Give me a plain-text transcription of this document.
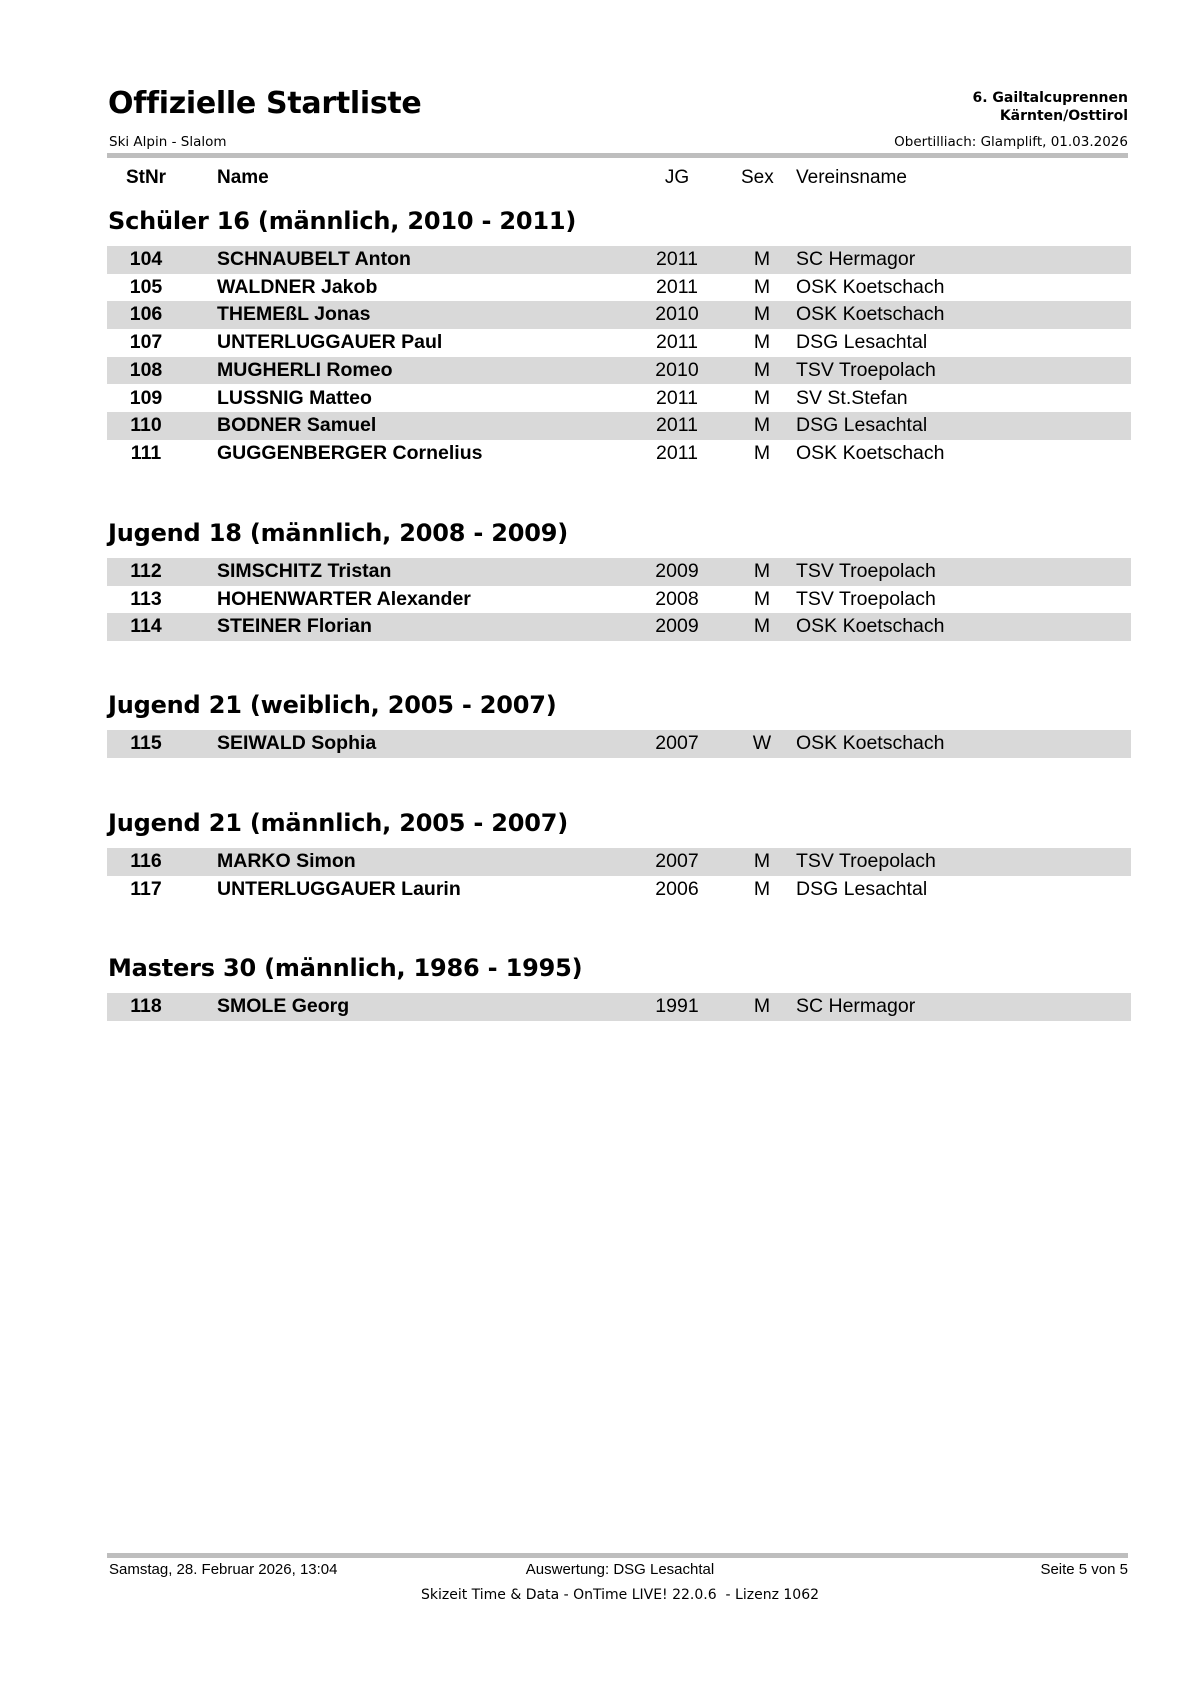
Offizielle Startliste
Ski Alpin - Slalom
6. Gailtalcuprennen
Kärnten/Osttirol
Obertilliach: Glamplift, 01.03.2026
StNr	Name	JG	Sex Vereinsname
Schüler 16 (männlich, 2010 - 2011)
104	SCHNAUBELT Anton	2011	M	SC Hermagor
105	WALDNER Jakob	2011	M	OSK Koetschach
106	THEMEßL Jonas	2010	M	OSK Koetschach
107	UNTERLUGGAUER Paul	2011	M	DSG Lesachtal
108	MUGHERLI Romeo	2010	M	TSV Troepolach
109	LUSSNIG Matteo	2011	M	SV St.Stefan
110	BODNER Samuel	2011	M	DSG Lesachtal
111	GUGGENBERGER Cornelius	2011	M	OSK Koetschach
Jugend 18 (männlich, 2008 - 2009)
112	SIMSCHITZ Tristan	2009	M	TSV Troepolach
113	HOHENWARTER Alexander	2008	M	TSV Troepolach
114	STEINER Florian	2009	M	OSK Koetschach
Jugend 21 (weiblich, 2005 - 2007)
115	SEIWALD Sophia	2007	W OSK Koetschach
Jugend 21 (männlich, 2005 - 2007)
116	MARKO Simon	2007	M	TSV Troepolach
117	UNTERLUGGAUER Laurin	2006	M	DSG Lesachtal
Masters 30 (männlich, 1986 - 1995)
118	SMOLE Georg	1991	M	SC Hermagor
Samstag, 28. Februar 2026, 13:04	Auswertung: DSG Lesachtal	Seite 5 von 5
Skizeit Time & Data - OnTime LIVE! 22.0.6  - Lizenz 1062
